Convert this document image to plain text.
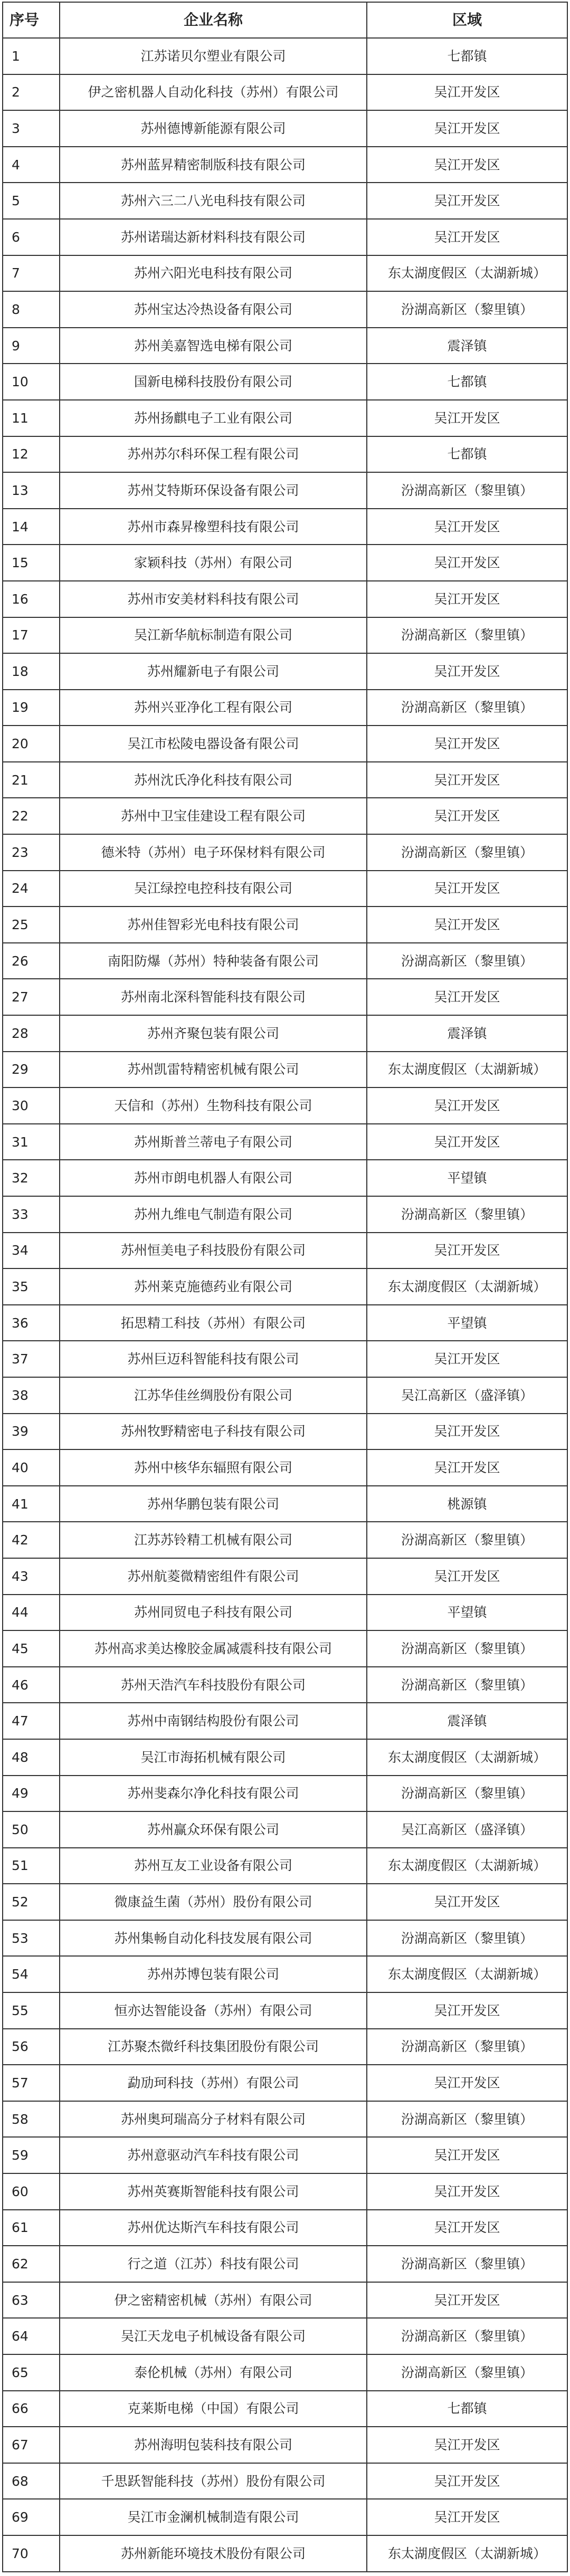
序号	企业名称	区域
1	江苏诺贝尔塑业有限公司	七都镇
2	伊之密机器人自动化科技（苏州）有限公司	吴江开发区
3	苏州德博新能源有限公司	吴江开发区
4	苏州蓝昇精密制版科技有限公司	吴江开发区
5	苏州六三二八光电科技有限公司	吴江开发区
6	苏州诺瑞达新材料科技有限公司	吴江开发区
7	苏州六阳光电科技有限公司	东太湖度假区（太湖新城）
8	苏州宝达冷热设备有限公司	汾湖高新区（黎里镇）
9	苏州美嘉智选电梯有限公司	震泽镇
10	国新电梯科技股份有限公司	七都镇
11	苏州扬麒电子工业有限公司	吴江开发区
12	苏州苏尔科环保工程有限公司	七都镇
13	苏州艾特斯环保设备有限公司	汾湖高新区（黎里镇）
14	苏州市森昇橡塑科技有限公司	吴江开发区
15	家颖科技（苏州）有限公司	吴江开发区
16	苏州市安美材料科技有限公司	吴江开发区
17	吴江新华航标制造有限公司	汾湖高新区（黎里镇）
18	苏州耀新电子有限公司	吴江开发区
19	苏州兴亚净化工程有限公司	汾湖高新区（黎里镇）
20	吴江市松陵电器设备有限公司	吴江开发区
21	苏州沈氏净化科技有限公司	吴江开发区
22	苏州中卫宝佳建设工程有限公司	吴江开发区
23	德米特（苏州）电子环保材料有限公司	汾湖高新区（黎里镇）
24	吴江绿控电控科技有限公司	吴江开发区
25	苏州佳智彩光电科技有限公司	吴江开发区
26	南阳防爆（苏州）特种装备有限公司	汾湖高新区（黎里镇）
27	苏州南北深科智能科技有限公司	吴江开发区
28	苏州齐聚包装有限公司	震泽镇
29	苏州凯雷特精密机械有限公司	东太湖度假区（太湖新城）
30	天信和（苏州）生物科技有限公司	吴江开发区
31	苏州斯普兰蒂电子有限公司	吴江开发区
32	苏州市朗电机器人有限公司	平望镇
33	苏州九维电气制造有限公司	汾湖高新区（黎里镇）
34	苏州恒美电子科技股份有限公司	吴江开发区
35	苏州莱克施德药业有限公司	东太湖度假区（太湖新城）
36	拓思精工科技（苏州）有限公司	平望镇
37	苏州巨迈科智能科技有限公司	吴江开发区
38	江苏华佳丝绸股份有限公司	吴江高新区（盛泽镇）
39	苏州牧野精密电子科技有限公司	吴江开发区
40	苏州中核华东辐照有限公司	吴江开发区
41	苏州华鹏包装有限公司	桃源镇
42	江苏苏铃精工机械有限公司	汾湖高新区（黎里镇）
43	苏州航菱微精密组件有限公司	吴江开发区
44	苏州同贸电子科技有限公司	平望镇
45	苏州高求美达橡胶金属减震科技有限公司	汾湖高新区（黎里镇）
46	苏州天浩汽车科技股份有限公司	汾湖高新区（黎里镇）
47	苏州中南钢结构股份有限公司	震泽镇
48	吴江市海拓机械有限公司	东太湖度假区（太湖新城）
49	苏州斐森尔净化科技有限公司	汾湖高新区（黎里镇）
50	苏州赢众环保有限公司	吴江高新区（盛泽镇）
51	苏州互友工业设备有限公司	东太湖度假区（太湖新城）
52	微康益生菌（苏州）股份有限公司	吴江开发区
53	苏州集畅自动化科技发展有限公司	汾湖高新区（黎里镇）
54	苏州苏博包装有限公司	东太湖度假区（太湖新城）
55	恒亦达智能设备（苏州）有限公司	吴江开发区
56	江苏聚杰微纤科技集团股份有限公司	汾湖高新区（黎里镇）
57	勐劢珂科技（苏州）有限公司	吴江开发区
58	苏州奥珂瑞高分子材料有限公司	汾湖高新区（黎里镇）
59	苏州意驱动汽车科技有限公司	吴江开发区
60	苏州英赛斯智能科技有限公司	吴江开发区
61	苏州优达斯汽车科技有限公司	吴江开发区
62	行之道（江苏）科技有限公司	汾湖高新区（黎里镇）
63	伊之密精密机械（苏州）有限公司	吴江开发区
64	吴江天龙电子机械设备有限公司	汾湖高新区（黎里镇）
65	泰伦机械（苏州）有限公司	汾湖高新区（黎里镇）
66	克莱斯电梯（中国）有限公司	七都镇
67	苏州海明包装科技有限公司	吴江开发区
68	千思跃智能科技（苏州）股份有限公司	吴江开发区
69	吴江市金澜机械制造有限公司	吴江开发区
70	苏州新能环境技术股份有限公司	东太湖度假区（太湖新城）
